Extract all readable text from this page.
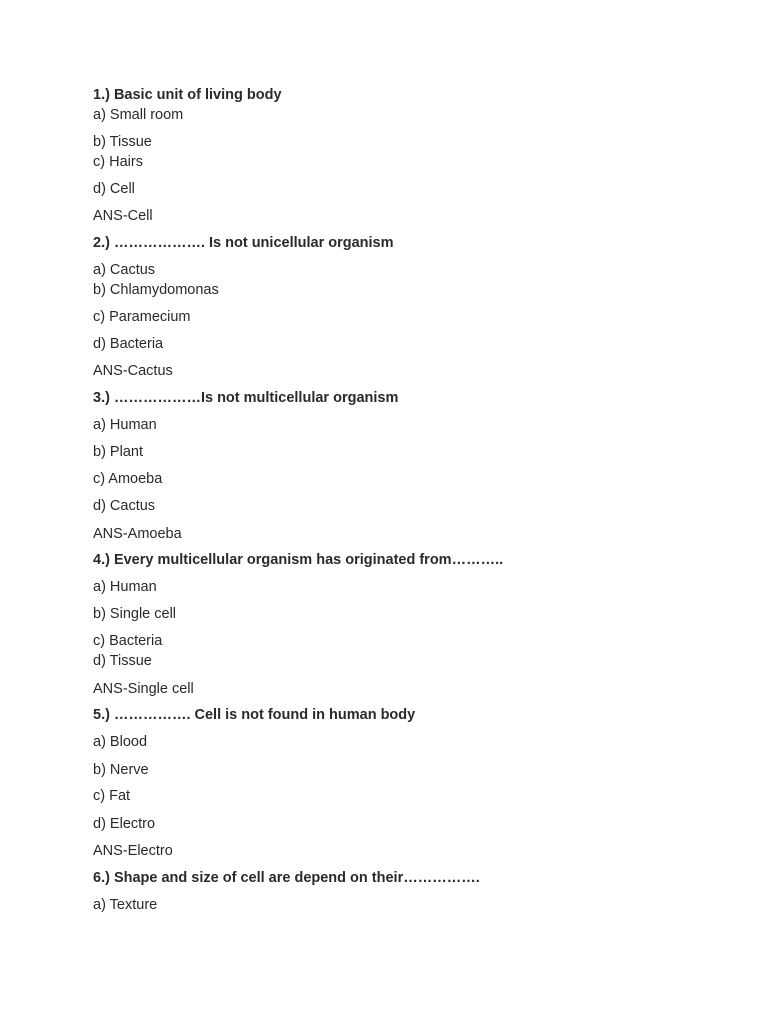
1.) Basic unit of living body

a) Small room

b) Tissue

c) Hairs

d) Cell

ANS-Cell

2.) ………………. Is not unicellular organism

a) Cactus

b) Chlamydomonas

c) Paramecium

d) Bacteria

ANS-Cactus

3.) ………………Is not multicellular organism

a) Human

b) Plant

c) Amoeba

d) Cactus

ANS-Amoeba

4.) Every multicellular organism has originated from………..

a) Human

b) Single cell

c) Bacteria

d) Tissue

ANS-Single cell

5.) ……………. Cell is not found in human body

a) Blood

b) Nerve

c) Fat

d) Electro

ANS-Electro

6.) Shape and size of cell are depend on their…………….

a) Texture
